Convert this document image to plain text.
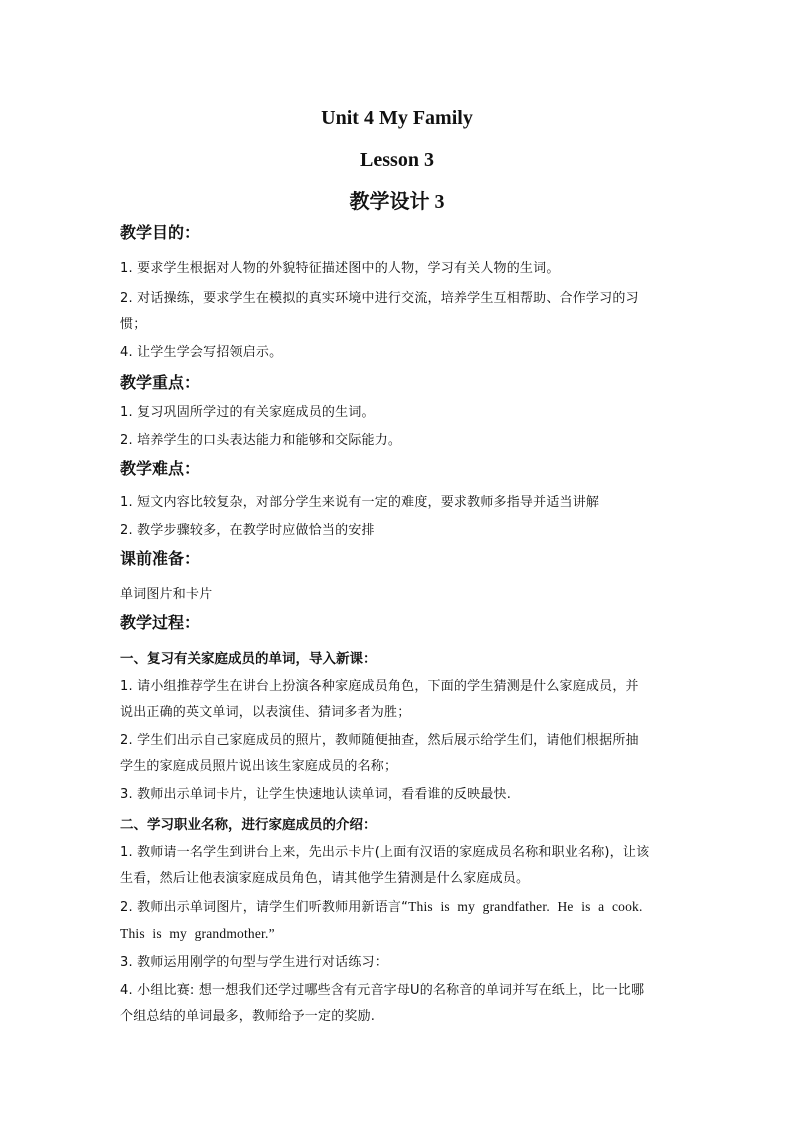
Unit 4 My Family
Lesson 3
教学设计 3

教学目的：

1. 要求学生根据对人物的外貌特征描述图中的人物，学习有关人物的生词。

2. 对话操练，要求学生在模拟的真实环境中进行交流，培养学生互相帮助、合作学习的习

惯；

4. 让学生学会写招领启示。

教学重点：

1. 复习巩固所学过的有关家庭成员的生词。

2. 培养学生的口头表达能力和能够和交际能力。

教学难点：

1. 短文内容比较复杂，对部分学生来说有一定的难度，要求教师多指导并适当讲解

2. 教学步骤较多，在教学时应做恰当的安排

课前准备：

单词图片和卡片

教学过程：

一、复习有关家庭成员的单词，导入新课：

1. 请小组推荐学生在讲台上扮演各种家庭成员角色，下面的学生猜测是什么家庭成员，并

说出正确的英文单词，以表演佳、猜词多者为胜；

2. 学生们出示自己家庭成员的照片，教师随便抽查，然后展示给学生们，请他们根据所抽

学生的家庭成员照片说出该生家庭成员的名称；

3. 教师出示单词卡片，让学生快速地认读单词，看看谁的反映最快.

二、学习职业名称，进行家庭成员的介绍：

1. 教师请一名学生到讲台上来，先出示卡片(上面有汉语的家庭成员名称和职业名称)，让该

生看，然后让他表演家庭成员角色，请其他学生猜测是什么家庭成员。

2. 教师出示单词图片，请学生们听教师用新语言“This is my grandfather. He is a cook.

This is my grandmother.”

3. 教师运用刚学的句型与学生进行对话练习：

4. 小组比赛: 想一想我们还学过哪些含有元音字母U的名称音的单词并写在纸上，比一比哪

个组总结的单词最多，教师给予一定的奖励.
